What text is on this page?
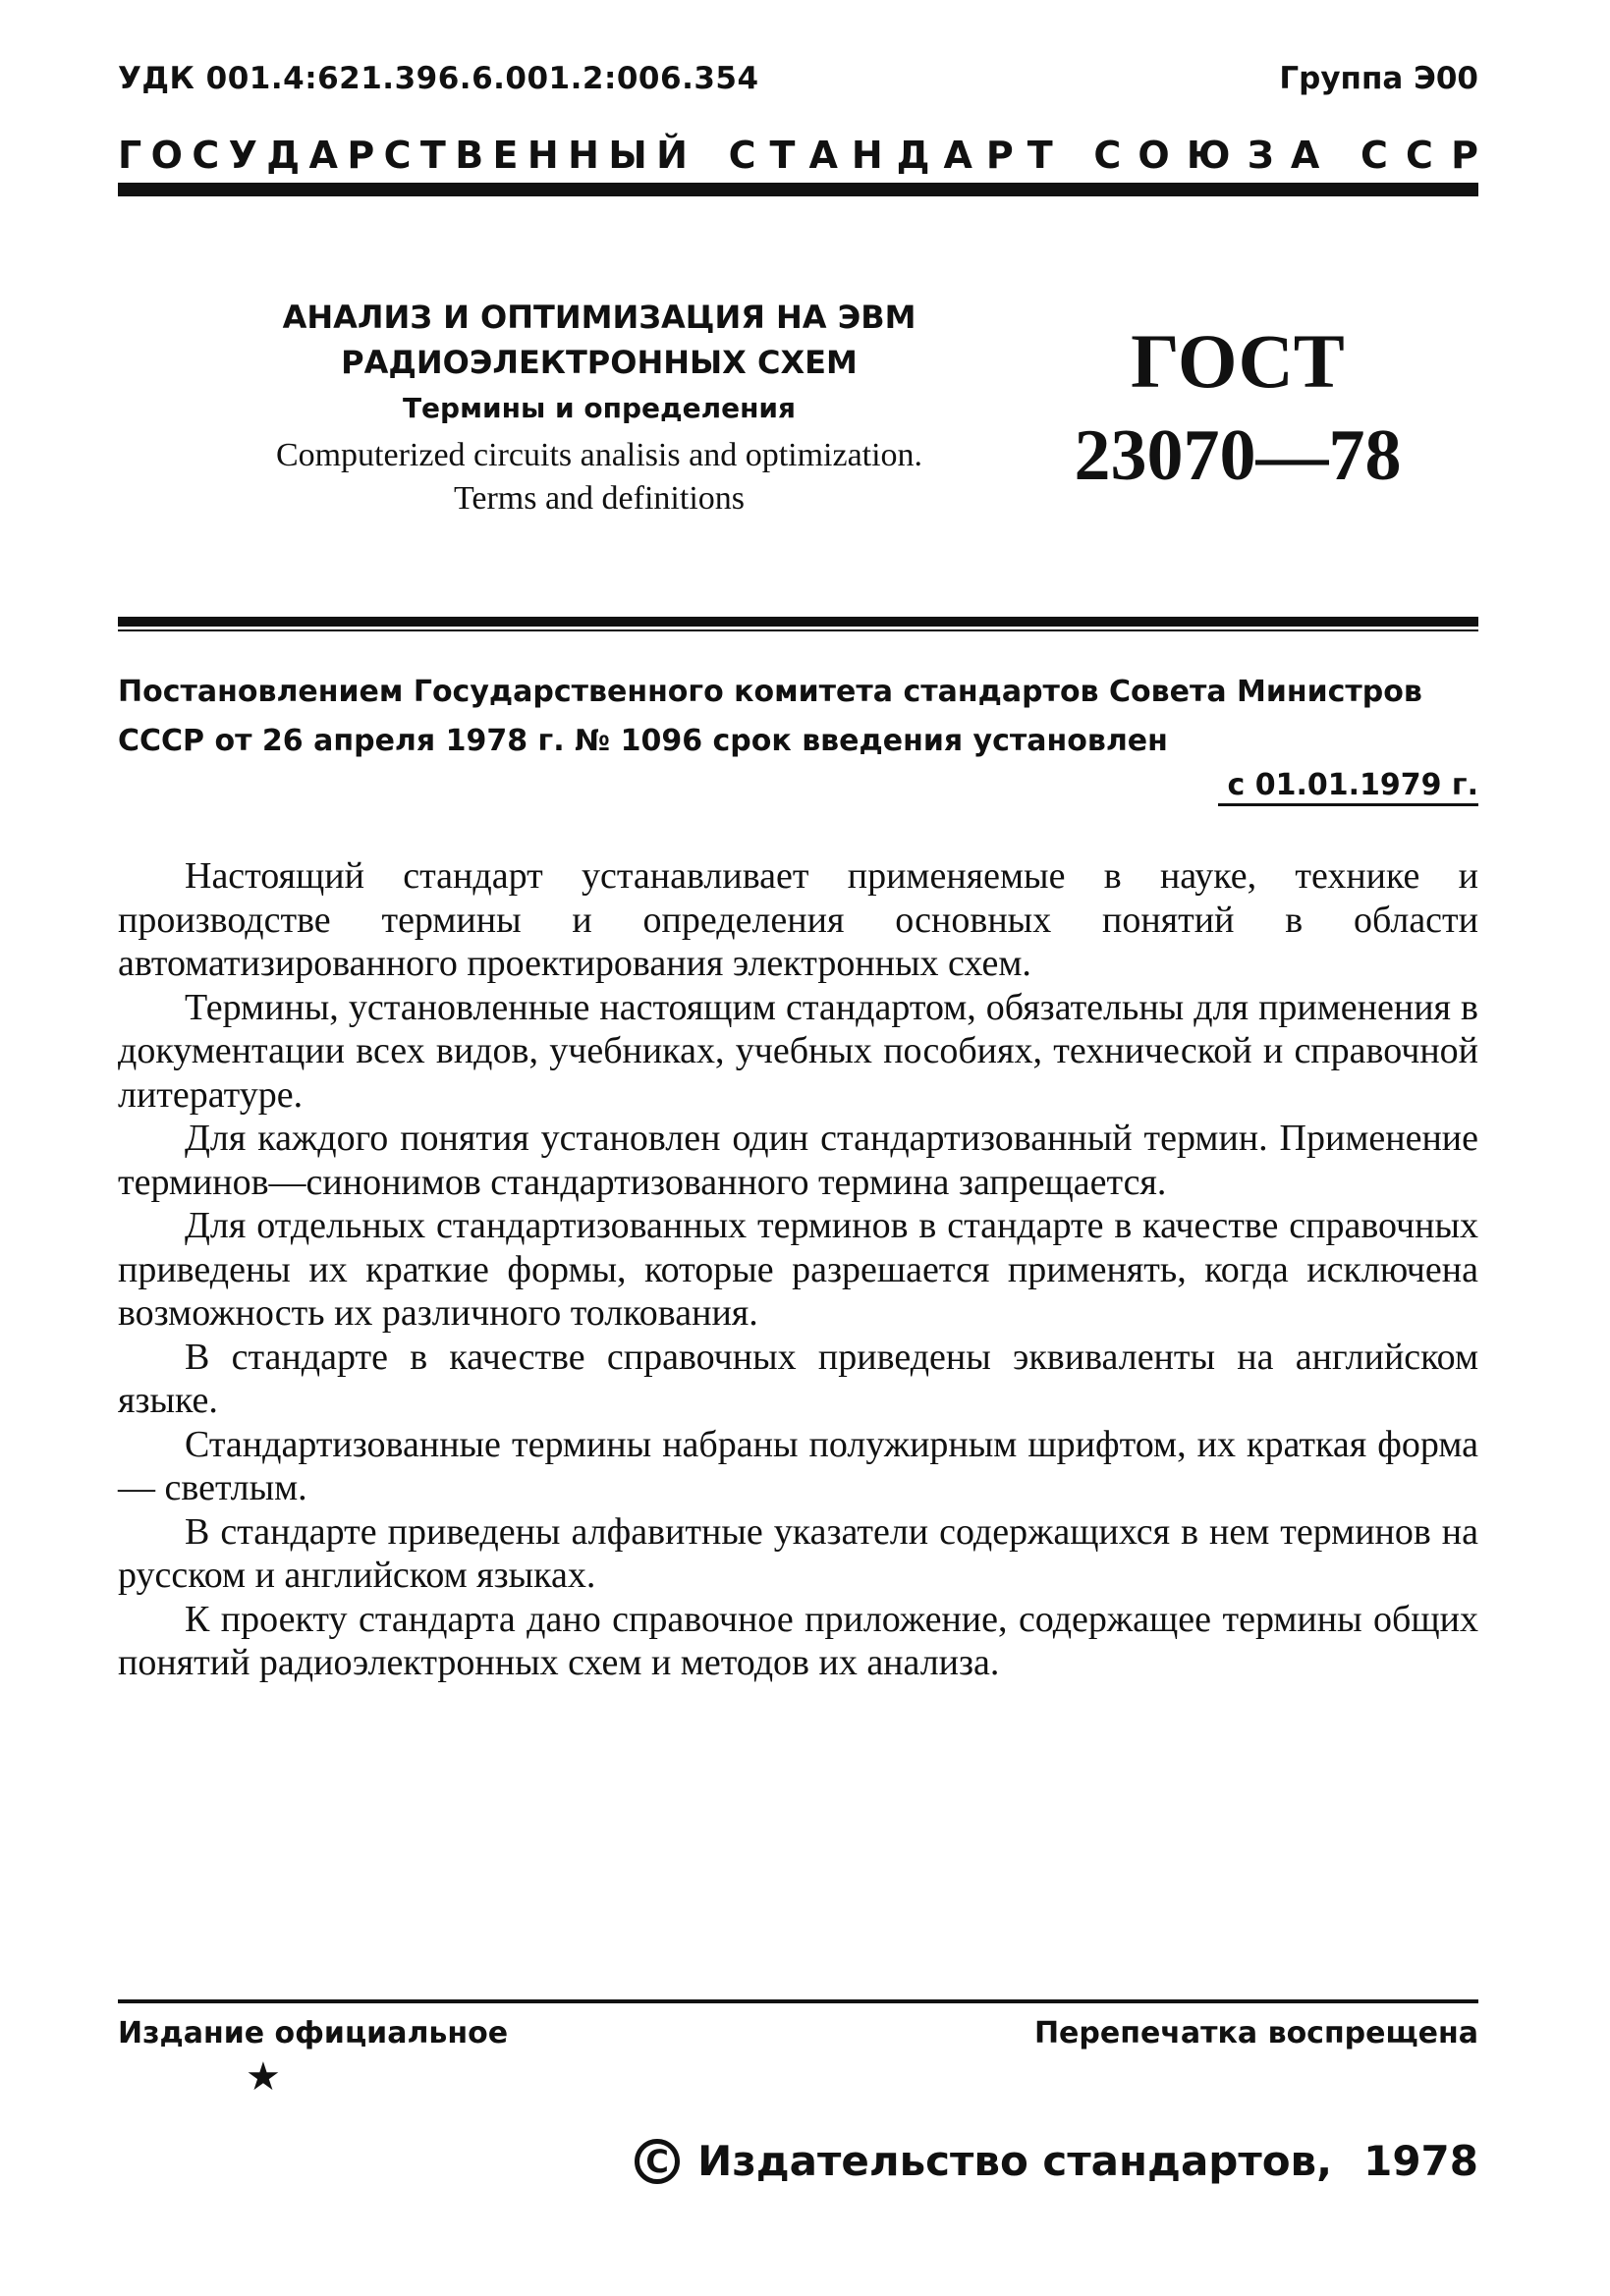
УДК 001.4:621.396.6.001.2:006.354	Группа Э00
Г О С У Д А Р С Т В Е Н Н Ы Й С Т А Н Д А Р Т С О Ю З А С С Р
АНАЛИЗ И ОПТИМИЗАЦИЯ НА ЭВМ
РАДИОЭЛЕКТРОННЫХ СХЕМ
Термины и определения
Computerized circuits analisis and optimization.
Terms and definitions
ГОСТ
23070—78
Постановлением Государственного комитета стандартов Совета Министров СССР от 26 апреля 1978 г. № 1096 срок введения установлен
с 01.01.1979 г.

Настоящий стандарт устанавливает применяемые в науке, технике и производстве термины и определения основных понятий в области автоматизированного проектирования электронных схем.

Термины, установленные настоящим стандартом, обязательны для применения в документации всех видов, учебниках, учебных пособиях, технической и справочной литературе.

Для каждого понятия установлен один стандартизованный термин. Применение терминов—синонимов стандартизованного термина запрещается.

Для отдельных стандартизованных терминов в стандарте в качестве справочных приведены их краткие формы, которые разрешается применять, когда исключена возможность их различного толкования.

В стандарте в качестве справочных приведены эквиваленты на английском языке.

Стандартизованные термины набраны полужирным шрифтом, их краткая форма — светлым.

В стандарте приведены алфавитные указатели содержащихся в нем терминов на русском и английском языках.

К проекту стандарта дано справочное приложение, содержащее термины общих понятий радиоэлектронных схем и методов их анализа.

Издание официальное	Перепечатка воспрещена
★
C Издательство стандартов, 1978
